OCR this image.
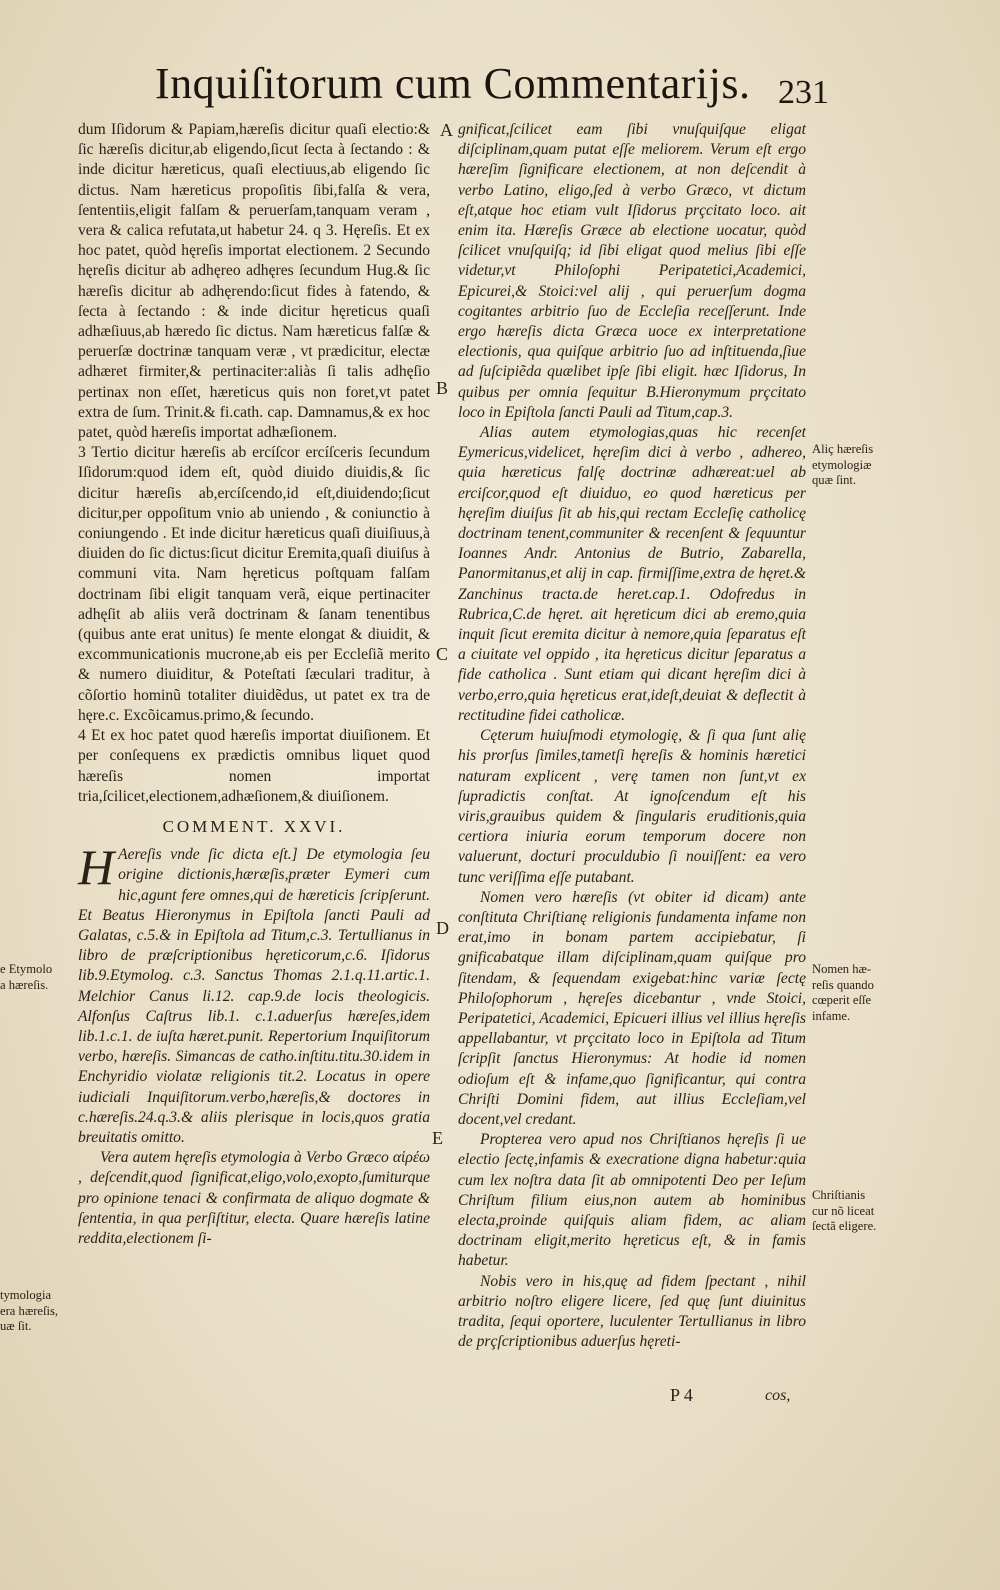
Inquiſitorum cum Commentarijs. 231

dum Iſidorum & Papiam,hæreſis dicitur quaſi electio:& ſic hæreſis dicitur,ab eligendo,ſicut ſecta à ſectando : & inde dicitur hæreticus, quaſi electiuus,ab eligendo ſic dictus. Nam hæreticus propoſitis ſibi,falſa & vera, ſententiis,eligit falſam & peruerſam,tanquam veram , vera & calica refutata,ut habetur 24. q 3. Hęreſis. Et ex hoc patet, quòd hęreſis importat electionem. 2 Secundo hęreſis dicitur ab adhęreo adhęres ſecundum Hug.& ſic hæreſis dicitur ab adhęrendo:ſicut fides à fatendo, & ſecta à ſectando : & inde dicitur hęreticus quaſi adhæſiuus,ab hæredo ſic dictus. Nam hæreticus falſæ & peruerſæ doctrinæ tanquam veræ , vt prædicitur, electæ adhæret firmiter,& pertinaciter:aliàs ſi talis adhęſio pertinax non eſſet, hæreticus quis non foret,vt patet extra de ſum. Trinit.& fi.cath. cap. Damnamus,& ex hoc patet, quòd hæreſis importat adhæſionem.

3 Tertio dicitur hæreſis ab ercíſcor ercíſceris ſecundum Iſidorum:quod idem eſt, quòd diuido diuidis,& ſic dicitur hæreſis ab,ercíſcendo,id eſt,diuidendo;ſicut dicitur,per oppoſitum vnio ab uniendo , & coniunctio à coniungendo . Et inde dicitur hæreticus quaſi diuiſiuus,à diuiden do ſic dictus:ſicut dicitur Eremita,quaſi diuiſus à communi vita. Nam hęreticus poſtquam falſam doctrinam ſibi eligit tanquam verã, eique pertinaciter adhęſit ab aliis verã doctrinam & ſanam tenentibus (quibus ante erat unitus) ſe mente elongat & diuidit, & excommunicationis mucrone,ab eis per Eccleſiã merito & numero diuiditur, & Poteſtati ſæculari traditur, à cõſortio hominũ totaliter diuidẽdus, ut patet ex tra de hęre.c. Excõicamus.primo,& ſecundo.

4 Et ex hoc patet quod hæreſis importat diuiſionem. Et per conſequens ex prædictis omnibus liquet quod hæreſis nomen importat tria,ſcilicet,electionem,adhæſionem,& diuiſionem.

COMMENT. XXVI.

HAereſis vnde ſic dicta eſt.] De etymologia ſeu origine dictionis,hæræſis,præter Eymeri cum hic,agunt fere omnes,qui de hæreticis ſcripſerunt. Et Beatus Hieronymus in Epiſtola ſancti Pauli ad Galatas, c.5.& in Epiſtola ad Titum,c.3. Tertullianus in libro de præſcriptionibus hęreticorum,c.6. Iſidorus lib.9.Etymolog. c.3. Sanctus Thomas 2.1.q.11.artic.1. Melchior Canus li.12. cap.9.de locis theologicis. Alfonſus Caſtrus lib.1. c.1.aduerſus hæreſes,idem lib.1.c.1. de iuſta hæret.punit. Repertorium Inquiſitorum verbo, hæreſis. Simancas de catho.inſtitu.titu.30.idem in Enchyridio violatæ religionis tit.2. Locatus in opere iudiciali Inquiſitorum.verbo,hæreſis,& doctores in c.hæreſis.24.q.3.& aliis plerisque in locis,quos gratia breuitatis omitto.

Vera autem hęreſis etymologia à Verbo Græco αἱρέω , deſcendit,quod ſignificat,eligo,volo,exopto,ſumiturque pro opinione tenaci & confirmata de aliquo dogmate & ſententia, in qua perſiſtitur, electa. Quare hæreſis latine reddita,electionem ſi-

gnificat,ſcilicet eam ſibi vnuſquiſque eligat diſciplinam,quam putat eſſe meliorem. Verum eſt ergo hæreſim ſignificare electionem, at non deſcendit à verbo Latino, eligo,ſed à verbo Græco, vt dictum eſt,atque hoc etiam vult Iſidorus prçcitato loco. ait enim ita. Hæreſis Græce ab electione uocatur, quòd ſcilicet vnuſquiſq; id ſibi eligat quod melius ſibi eſſe videtur,vt Philoſophi Peripatetici,Academici, Epicurei,& Stoici:vel alij , qui peruerſum dogma cogitantes arbitrio ſuo de Eccleſia receſſerunt. Inde ergo hæreſis dicta Græca uoce ex interpretatione electionis, qua quiſque arbitrio ſuo ad inſtituenda,ſiue ad ſuſcipiẽda quælibet ipſe ſibi eligit. hæc Iſidorus, In quibus per omnia ſequitur B.Hieronymum prçcitato loco in Epiſtola ſancti Pauli ad Titum,cap.3.

Alias autem etymologias,quas hic recenſet Eymericus,videlicet, hęreſim dici à verbo , adhereo, quia hæreticus falſę doctrinæ adhæreat:uel ab erciſcor,quod eſt diuiduo, eo quod hæreticus per hęreſim diuiſus ſit ab his,qui rectam Eccleſię catholicę doctrinam tenent,communiter & recenſent & ſequuntur Ioannes Andr. Antonius de Butrio, Zabarella, Panormitanus,et alij in cap. firmiſſime,extra de hęret.& Zanchinus tracta.de heret.cap.1. Odofredus in Rubrica,C.de hęret. ait hęreticum dici ab eremo,quia inquit ſicut eremita dicitur à nemore,quia ſeparatus eſt a ciuitate vel oppido , ita hęreticus dicitur ſeparatus a fide catholica . Sunt etiam qui dicant hęreſim dici à verbo,erro,quia hęreticus erat,ideſt,deuiat & deflectit à rectitudine fidei catholicæ.

Cęterum huiuſmodi etymologię, & ſi qua ſunt alię his prorſus ſimiles,tametſi hęreſis & hominis hæretici naturam explicent , verę tamen non ſunt,vt ex ſupradictis conſtat. At ignoſcendum eſt his viris,grauibus quidem & ſingularis eruditionis,quia certiora iniuria eorum temporum docere non valuerunt, docturi proculdubio ſi nouiſſent: ea vero tunc veriſſima eſſe putabant.

Nomen vero hæreſis (vt obiter id dicam) ante conſtituta Chriſtianę religionis fundamenta infame non erat,imo in bonam partem accipiebatur, ſi gnificabatque illam diſciplinam,quam quiſque pro ſitendam, & ſequendam exigebat:hinc variæ ſectę Philoſophorum , hęreſes dicebantur , vnde Stoici, Peripatetici, Academici, Epicueri illius vel illius hęreſis appellabantur, vt prçcitato loco in Epiſtola ad Titum ſcripſit ſanctus Hieronymus: At hodie id nomen odioſum eſt & infame,quo ſignificantur, qui contra Chriſti Domini fidem, aut illius Eccleſiam,vel docent,vel credant.

Propterea vero apud nos Chriſtianos hęreſis ſi ue electio ſectę,infamis & execratione digna habetur:quia cum lex noſtra data ſit ab omnipotenti Deo per Ieſum Chriſtum filium eius,non autem ab hominibus electa,proinde quiſquis aliam fidem, ac aliam doctrinam eligit,merito hęreticus eſt, & in famis habetur.

Nobis vero in his,quę ad fidem ſpectant , nihil arbitrio noſtro eligere licere, ſed quę ſunt diuinitus tradita, ſequi oportere, luculenter Tertullianus in libro de prçſcriptionibus aduerſus hęreti-

A
B
C
D
E
Aliç hæreſis
etymologiæ
quæ ſint.
Nomen hæ-
reſis quando
cœperit eſſe
infame.
Chriſtianis
cur nõ liceat
ſectã eligere.
e Etymolo
a hæreſis.
tymologia
era hæreſis,
uæ ſit.
P 4	cos,
